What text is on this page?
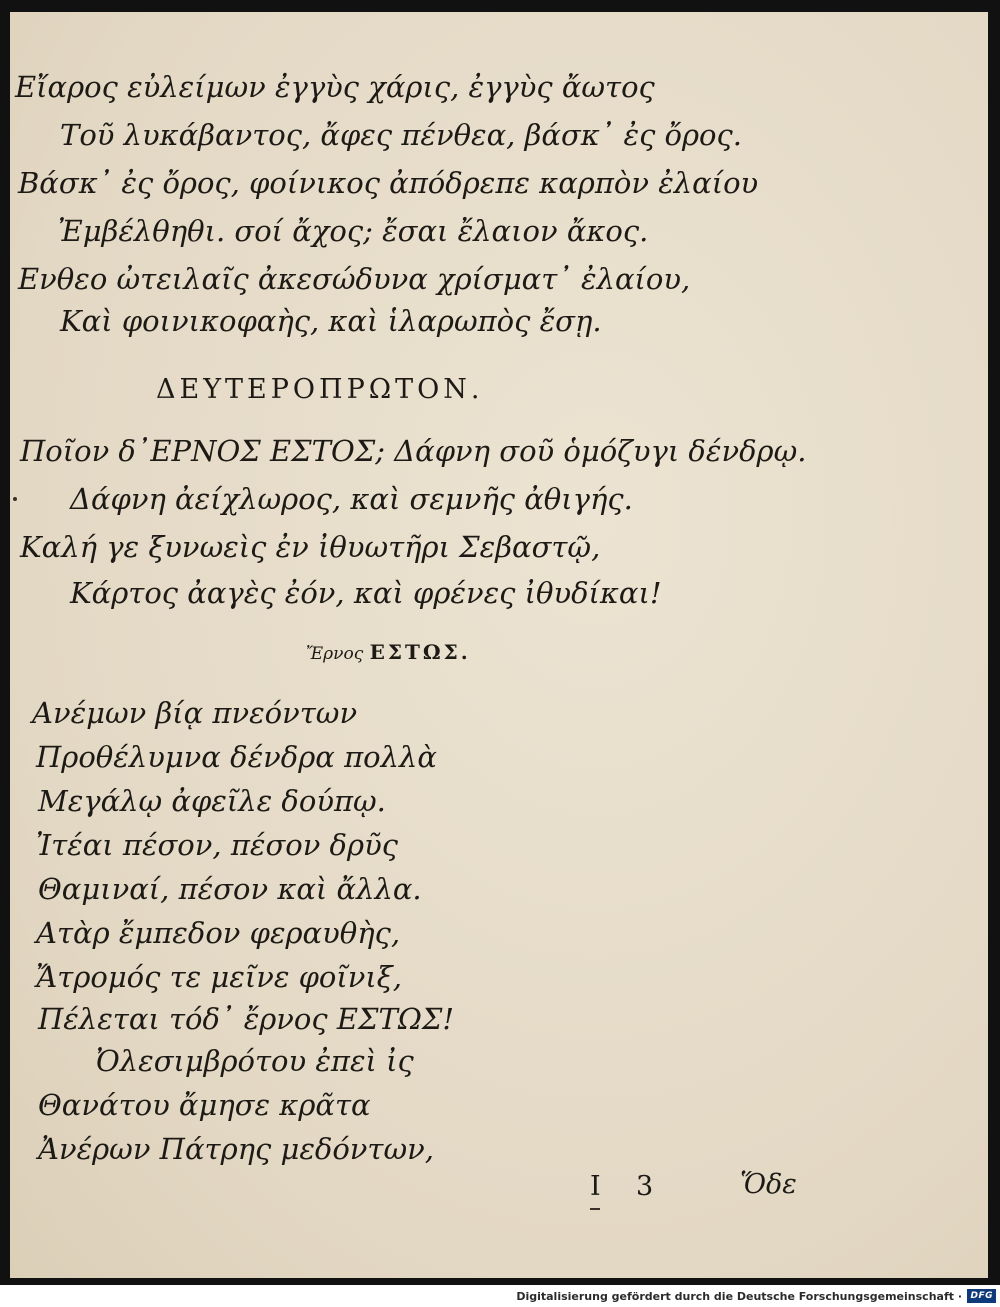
Εἴαρος εὐλείμων ἐγγὺς χάρις, ἐγγὺς ἄωτος
Τοῦ λυκάβαντος, ἄφες πένθεα, βάσκ᾽ ἐς ὄρος.
Βάσκ᾽ ἐς ὄρος, φοίνικος ἀπόδρεπε καρπὸν ἐλαίου
Ἐμβέλθηθι. σοί ἄχος; ἔσαι ἔλαιον ἄκος.
Ενθεο ὠτειλαῖς ἀκεσώδυνα χρίσματ᾽ ἐλαίου,
Καὶ φοινικοφαὴς, καὶ ἱλαρωπὸς ἔσῃ.
ΔΕΥΤΕΡΟΠΡΩΤΟΝ.
Ποῖον δ᾽ΕΡΝΟΣ ΕΣΤΟΣ; Δάφνη σοῦ ὁμόζυγι δένδρῳ.
Δάφνη ἀείχλωρος, καὶ σεμνῆς ἀθιγής.
Καλή γε ξυνωεὶς ἐν ἰθυωτῆρι Σεβαστῷ,
Κάρτος ἀαγὲς ἐόν, καὶ φρένες ἰθυδίκαι!
Ἔρνος ΕΣΤΩΣ.
Ανέμων βίᾳ πνεόντων
Προθέλυμνα δένδρα πολλὰ
Μεγάλῳ ἀφεῖλε δούπῳ.
Ἰτέαι πέσον, πέσον δρῦς
Θαμιναί, πέσον καὶ ἄλλα.
Ατὰρ ἔμπεδον φεραυθὴς,
Ἄτρομός τε μεῖνε φοῖνιξ,
Πέλεται τόδ᾽ ἔρνος ΕΣΤΩΣ!
Ὀλεσιμβρότου ἐπεὶ ἰς
Θανάτου ἄμησε κρᾶτα
Ἀνέρων Πάτρης μεδόντων,
I 3	Ὅδε
Digitalisierung gefördert durch die Deutsche Forschungsgemeinschaft · DFG
